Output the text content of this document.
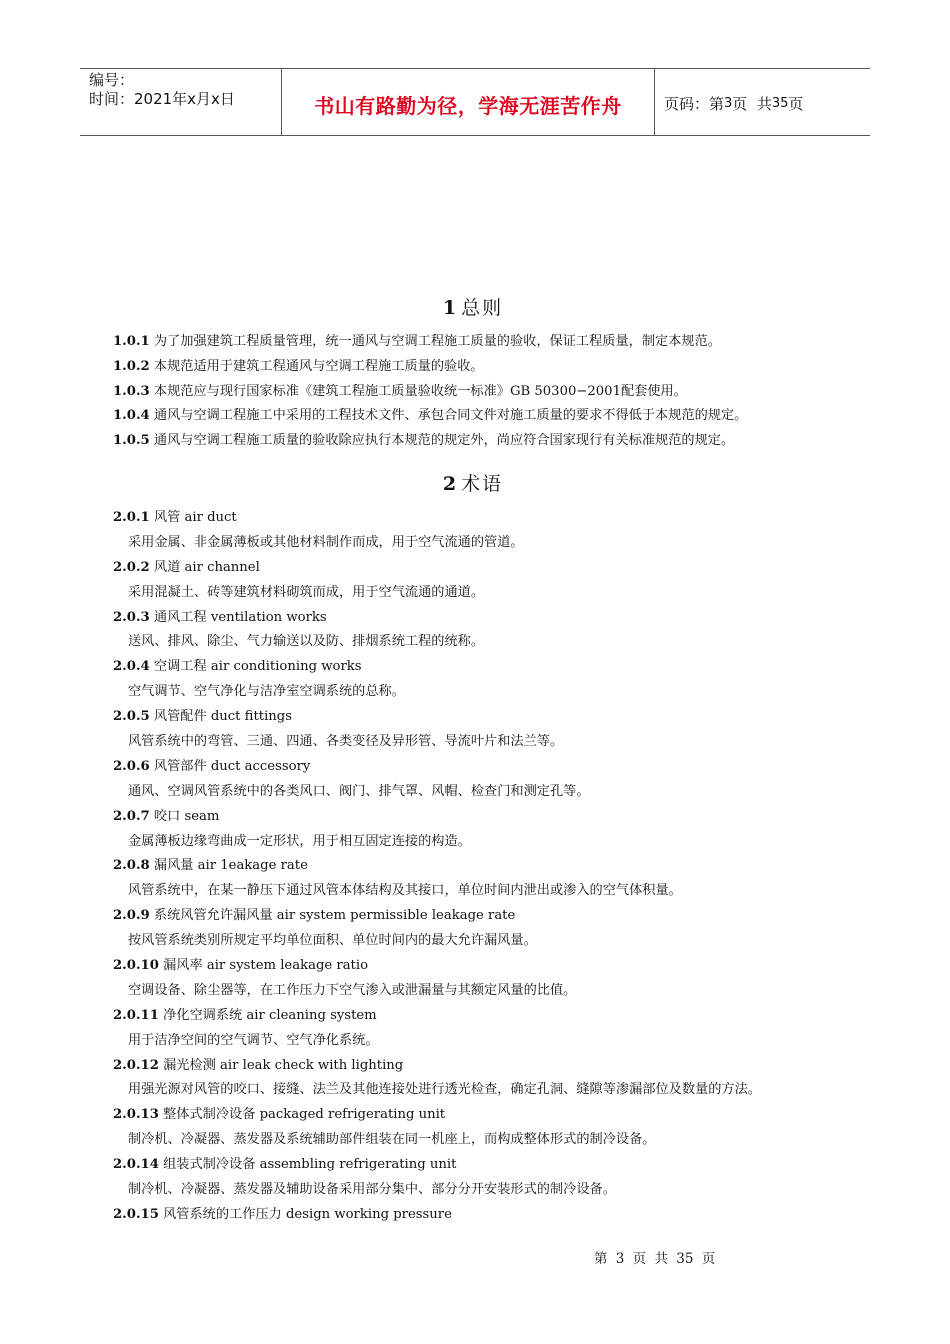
编号：
时间：2021年x月x日	书山有路勤为径，学海无涯苦作舟	页码：第 3 页  共 35 页
1 总则
1.0.1 为了加强建筑工程质量管理，统一通风与空调工程施工质量的验收，保证工程质量，制定本规范。
1.0.2 本规范适用于建筑工程通风与空调工程施工质量的验收。
1.0.3 本规范应与现行国家标准《建筑工程施工质量验收统一标准》GB 50300−2001配套使用。
1.0.4 通风与空调工程施工中采用的工程技术文件、承包合同文件对施工质量的要求不得低于本规范的规定。
1.0.5 通风与空调工程施工质量的验收除应执行本规范的规定外，尚应符合国家现行有关标准规范的规定。
2 术语
2.0.1 风管 air duct
采用金属、非金属薄板或其他材料制作而成，用于空气流通的管道。
2.0.2 风道 air channel
采用混凝土、砖等建筑材料砌筑而成，用于空气流通的通道。
2.0.3 通风工程 ventilation works
送风、排风、除尘、气力输送以及防、排烟系统工程的统称。
2.0.4 空调工程 air conditioning works
空气调节、空气净化与洁净室空调系统的总称。
2.0.5 风管配件 duct fittings
风管系统中的弯管、三通、四通、各类变径及异形管、导流叶片和法兰等。
2.0.6 风管部件 duct accessory
通风、空调风管系统中的各类风口、阀门、排气罩、风帽、检查门和测定孔等。
2.0.7 咬口 seam
金属薄板边缘弯曲成一定形状，用于相互固定连接的构造。
2.0.8 漏风量 air 1eakage rate
风管系统中，在某一静压下通过风管本体结构及其接口，单位时间内泄出或渗入的空气体积量。
2.0.9 系统风管允许漏风量 air system permissible leakage rate
按风管系统类别所规定平均单位面积、单位时间内的最大允许漏风量。
2.0.10 漏风率 air system leakage ratio
空调设备、除尘器等，在工作压力下空气渗入或泄漏量与其额定风量的比值。
2.0.11 净化空调系统 air cleaning system
用于洁净空间的空气调节、空气净化系统。
2.0.12 漏光检测 air leak check with lighting
用强光源对风管的咬口、接缝、法兰及其他连接处进行透光检查，确定孔洞、缝隙等渗漏部位及数量的方法。
2.0.13 整体式制冷设备 packaged refrigerating unit
制冷机、冷凝器、蒸发器及系统辅助部件组装在同一机座上，而构成整体形式的制冷设备。
2.0.14 组装式制冷设备 assembling refrigerating unit
制冷机、冷凝器、蒸发器及辅助设备采用部分集中、部分分开安装形式的制冷设备。
2.0.15 风管系统的工作压力 design working pressure
第 3 页 共 35 页
